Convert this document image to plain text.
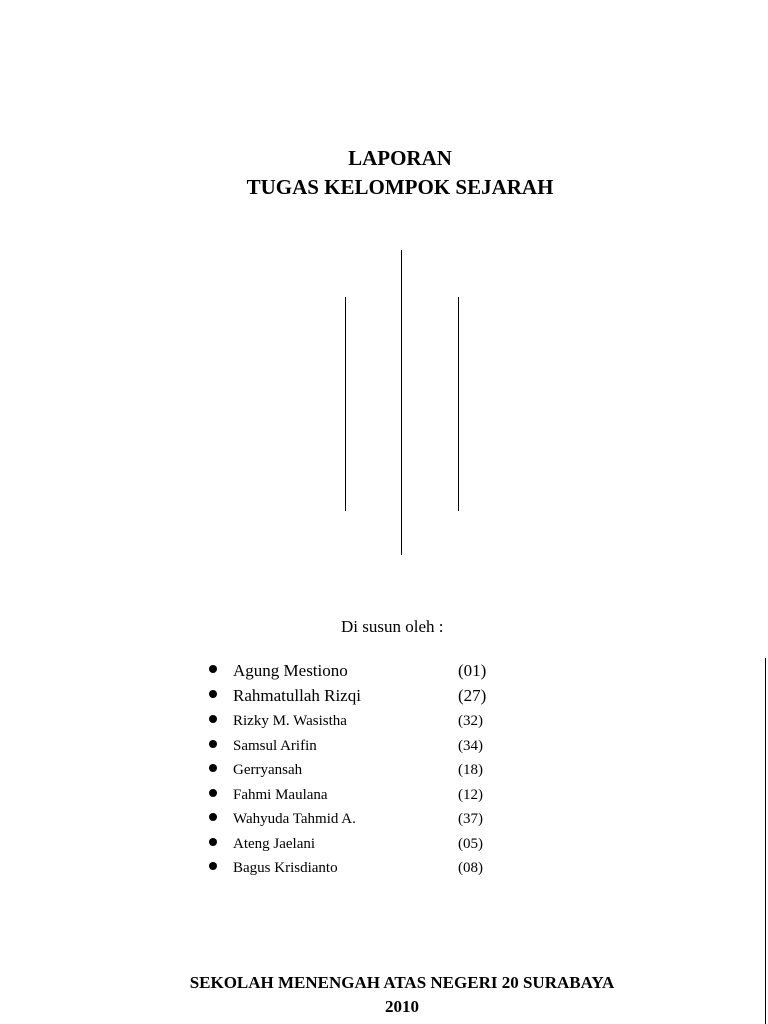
LAPORAN
TUGAS KELOMPOK SEJARAH
Di susun oleh :
Agung Mestiono	(01)
Rahmatullah Rizqi	(27)
Rizky M. Wasistha	(32)
Samsul Arifin	(34)
Gerryansah	(18)
Fahmi Maulana	(12)
Wahyuda Tahmid A.	(37)
Ateng Jaelani	(05)
Bagus Krisdianto	(08)
SEKOLAH MENENGAH ATAS NEGERI 20 SURABAYA
2010
